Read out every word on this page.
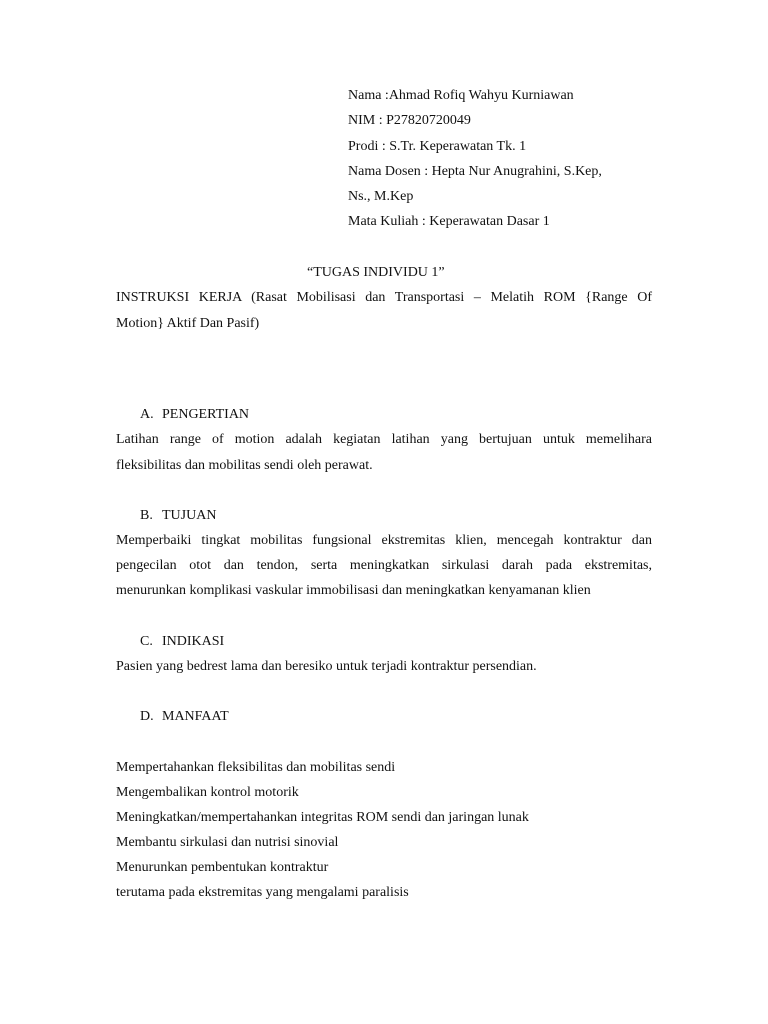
Nama :Ahmad Rofiq Wahyu Kurniawan
NIM : P27820720049
Prodi : S.Tr. Keperawatan Tk. 1
Nama Dosen : Hepta Nur Anugrahini, S.Kep,
Ns., M.Kep
Mata Kuliah : Keperawatan Dasar 1
“TUGAS INDIVIDU 1”
INSTRUKSI KERJA (Rasat Mobilisasi dan Transportasi – Melatih ROM {Range Of
Motion} Aktif Dan Pasif)
A. PENGERTIAN
Latihan range of motion adalah kegiatan latihan yang bertujuan untuk memelihara
fleksibilitas dan mobilitas sendi oleh perawat.
B. TUJUAN
Memperbaiki tingkat mobilitas fungsional ekstremitas klien, mencegah kontraktur dan
pengecilan otot dan tendon, serta meningkatkan sirkulasi darah pada ekstremitas,
menurunkan komplikasi vaskular immobilisasi dan meningkatkan kenyamanan klien
C. INDIKASI
Pasien yang bedrest lama dan beresiko untuk terjadi kontraktur persendian.
D. MANFAAT
Mempertahankan fleksibilitas dan mobilitas sendi
Mengembalikan kontrol motorik
Meningkatkan/mempertahankan integritas ROM sendi dan jaringan lunak
Membantu sirkulasi dan nutrisi sinovial
Menurunkan pembentukan kontraktur
terutama pada ekstremitas yang mengalami paralisis
